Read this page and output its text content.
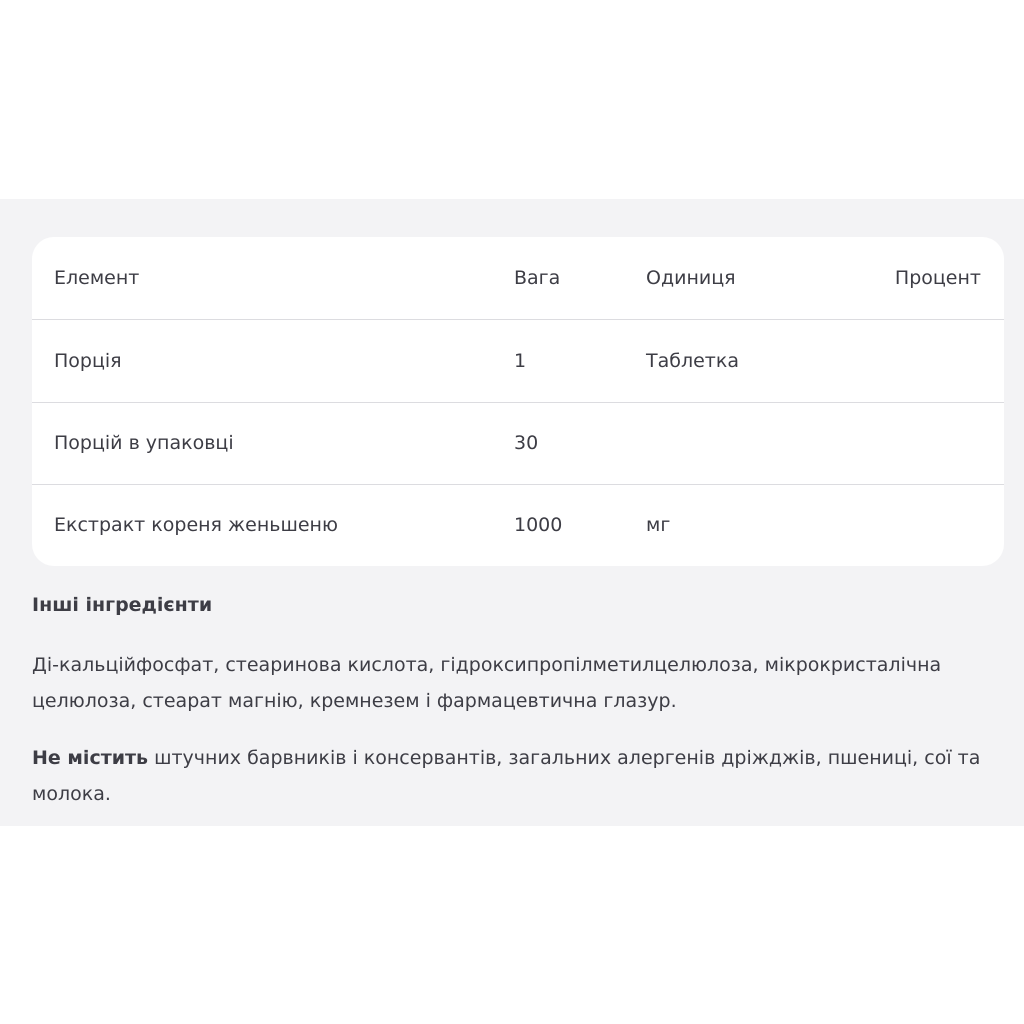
Елемент	Вага	Одиниця	Процент
Порція	1	Таблетка
Порцій в упаковці	30
Екстракт кореня женьшеню	1000	мг
Інші інгредієнти
Ді-кальційфосфат, стеаринова кислота, гідроксипропілметилцелюлоза, мікрокристалічна целюлоза, стеарат магнію, кремнезем і фармацевтична глазур.
Не містить штучних барвників і консервантів, загальних алергенів дріжджів, пшениці, сої та молока.
